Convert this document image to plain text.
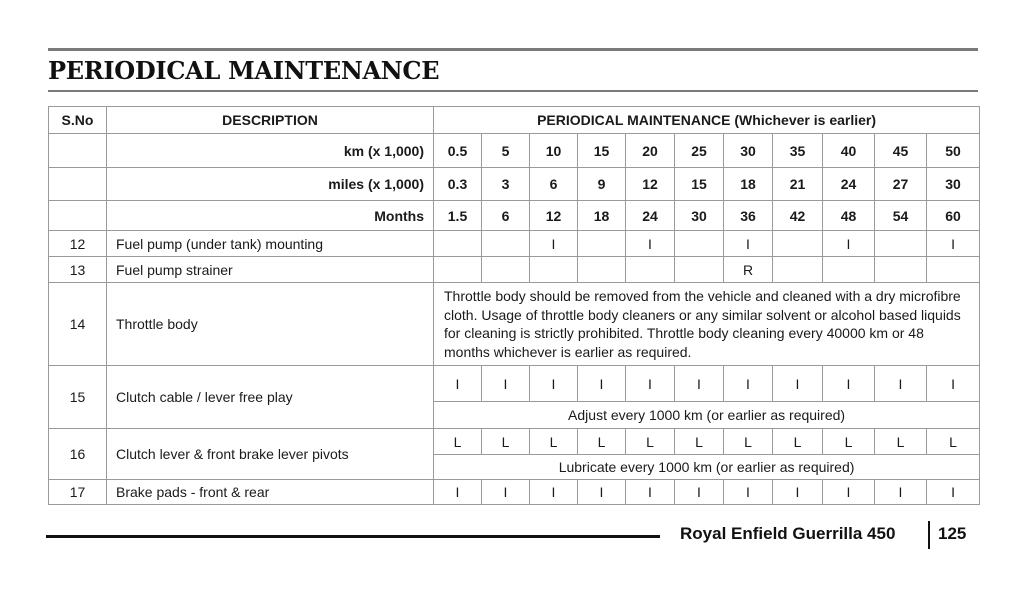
PERIODICAL MAINTENANCE
S.No	DESCRIPTION	PERIODICAL MAINTENANCE (Whichever is earlier)										
	km (x 1,000)	0.5	5	10	15	20	25	30	35	40	45	50
	miles (x 1,000)	0.3	3	6	9	12	15	18	21	24	27	30
	Months	1.5	6	12	18	24	30	36	42	48	54	60
12	Fuel pump (under tank) mounting			I		I		I		I		I
13	Fuel pump strainer							R				
14	Throttle body	Throttle body should be removed from the vehicle and cleaned with a dry microfibre cloth. Usage of throttle body cleaners or any similar solvent or alcohol based liquids for cleaning is strictly prohibited. Throttle body cleaning every 40000 km or 48 months whichever is earlier as required.										
15	Clutch cable / lever free play	I	I	I	I	I	I	I	I	I	I	I
		Adjust every 1000 km (or earlier as required)										
16	Clutch lever & front brake lever pivots	L	L	L	L	L	L	L	L	L	L	L
		Lubricate every 1000 km (or earlier as required)										
17	Brake pads - front & rear	I	I	I	I	I	I	I	I	I	I	I
Royal Enfield Guerrilla 450	125
